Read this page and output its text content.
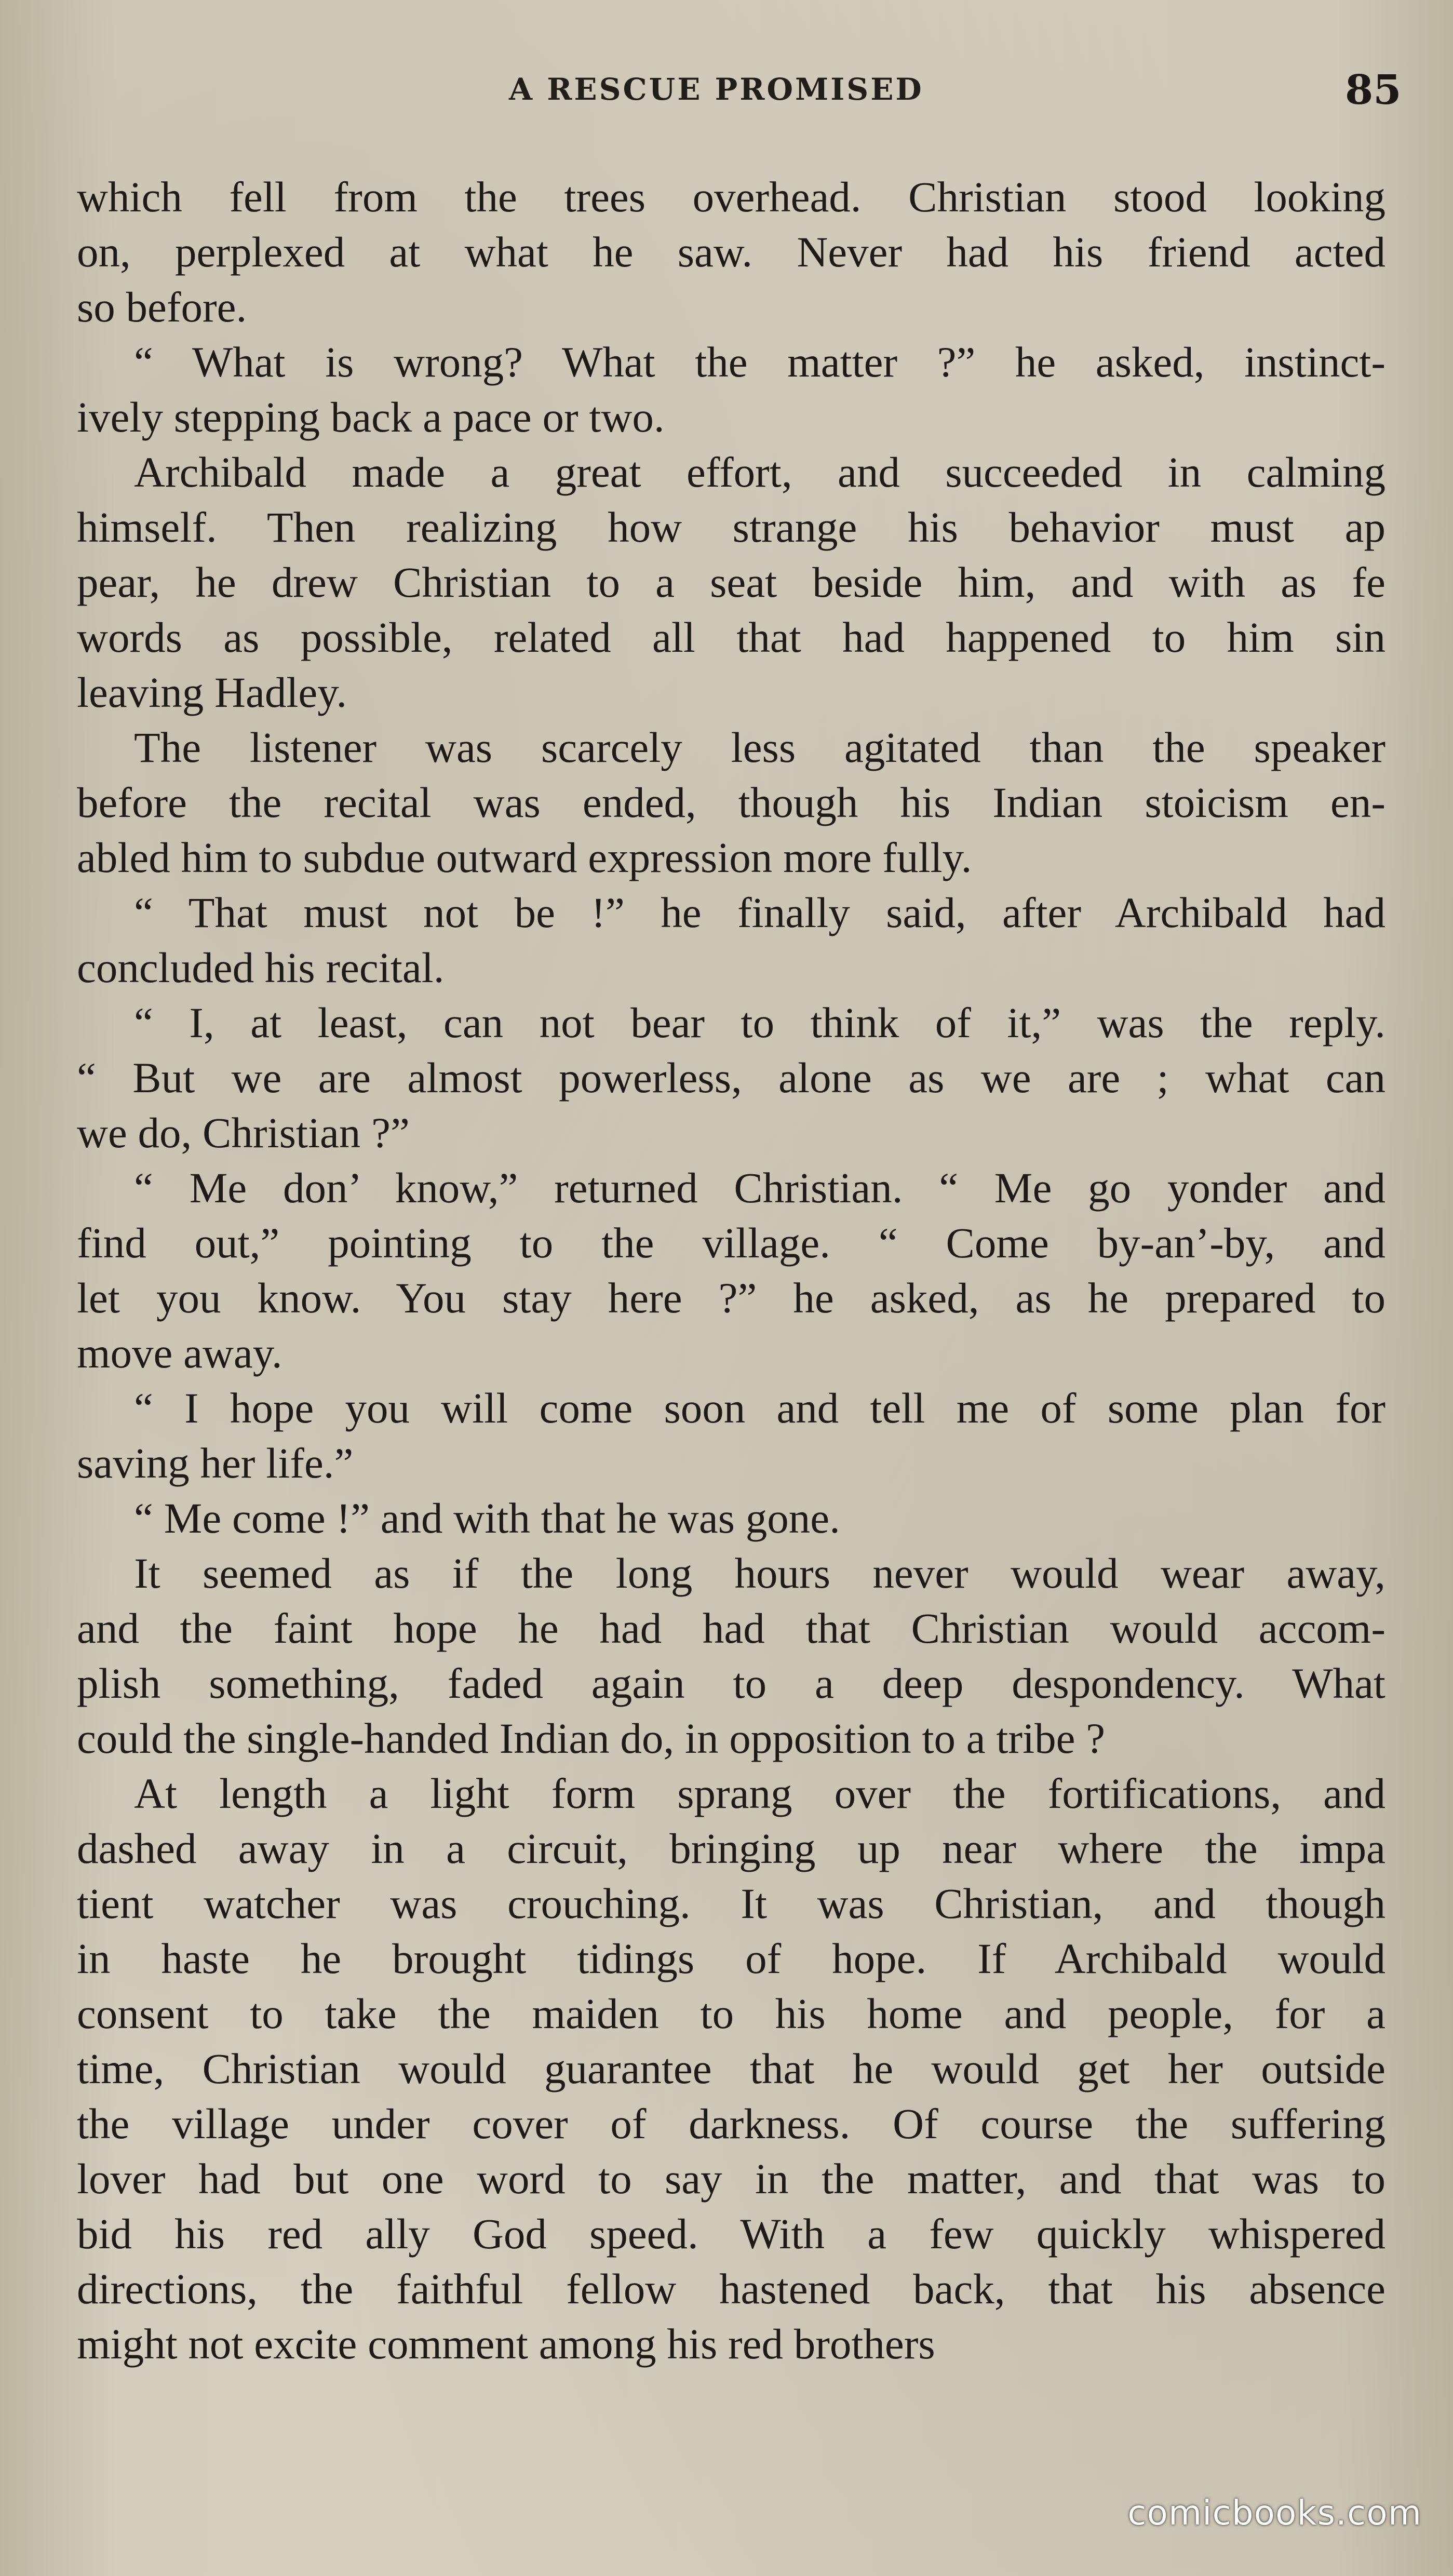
A RESCUE PROMISED	85
which fell from the trees overhead. Christian stood looking
on, perplexed at what he saw. Never had his friend acted
so before.
“ What is wrong? What the matter ?” he asked, instinct-
ively stepping back a pace or two.
Archibald made a great effort, and succeeded in calming
himself. Then realizing how strange his behavior must ap
pear, he drew Christian to a seat beside him, and with as fe
words as possible, related all that had happened to him sin
leaving Hadley.
The listener was scarcely less agitated than the speaker
before the recital was ended, though his Indian stoicism en-
abled him to subdue outward expression more fully.
“ That must not be !” he finally said, after Archibald had
concluded his recital.
“ I, at least, can not bear to think of it,” was the reply.
“ But we are almost powerless, alone as we are ; what can
we do, Christian ?”
“ Me don’ know,” returned Christian. “ Me go yonder and
find out,” pointing to the village. “ Come by-an’-by, and
let you know. You stay here ?” he asked, as he prepared to
move away.
“ I hope you will come soon and tell me of some plan for
saving her life.”
“ Me come !” and with that he was gone.
It seemed as if the long hours never would wear away,
and the faint hope he had had that Christian would accom-
plish something, faded again to a deep despondency. What
could the single-handed Indian do, in opposition to a tribe ?
At length a light form sprang over the fortifications, and
dashed away in a circuit, bringing up near where the impa
tient watcher was crouching. It was Christian, and though
in haste he brought tidings of hope. If Archibald would
consent to take the maiden to his home and people, for a
time, Christian would guarantee that he would get her outside
the village under cover of darkness. Of course the suffering
lover had but one word to say in the matter, and that was to
bid his red ally God speed. With a few quickly whispered
directions, the faithful fellow hastened back, that his absence
might not excite comment among his red brothers
comicbooks.com
